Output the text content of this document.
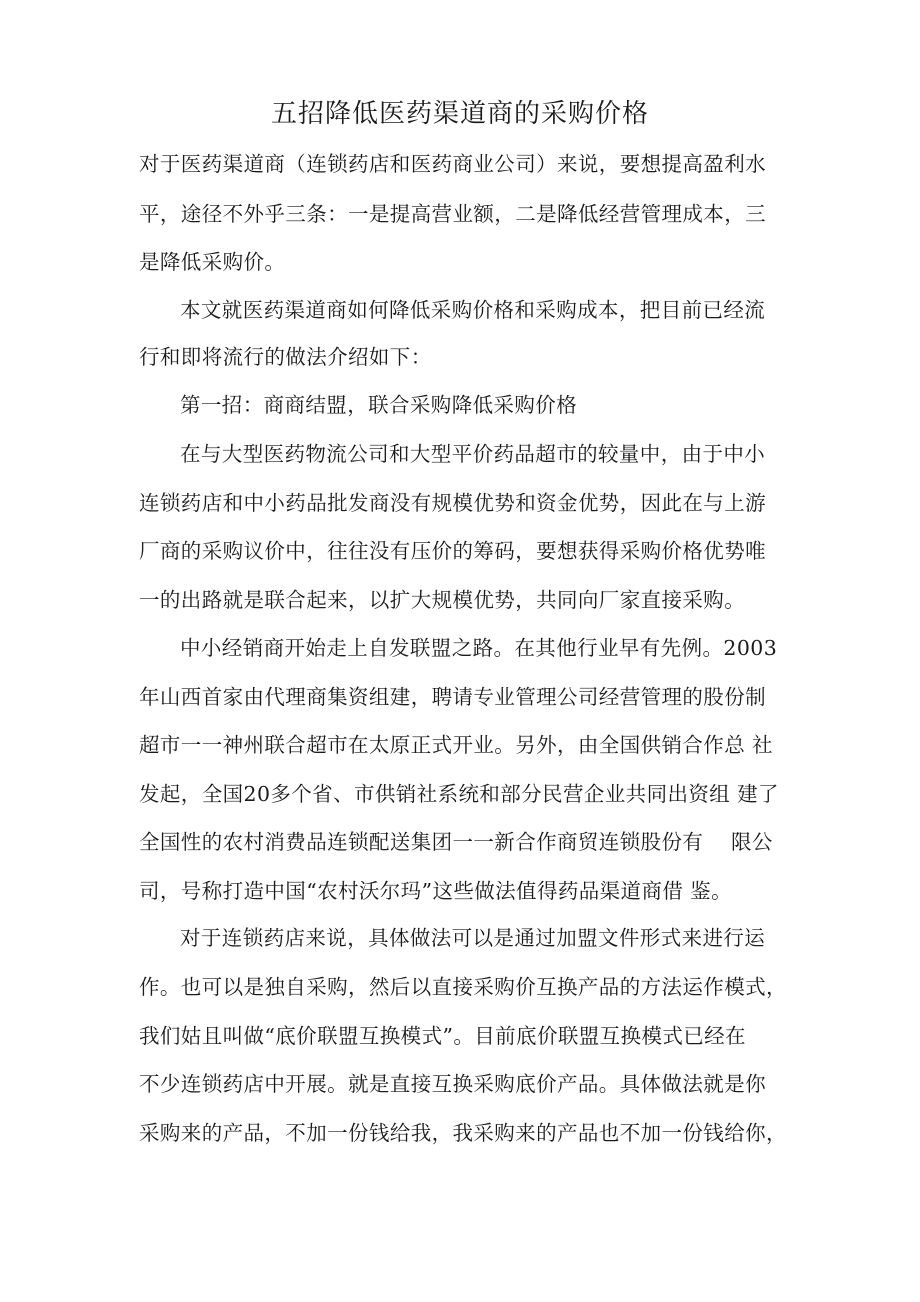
五招降低医药渠道商的采购价格
对于医药渠道商（连锁药店和医药商业公司）来说，要想提高盈利水
平，途径不外乎三条：一是提高营业额，二是降低经营管理成本，三
是降低采购价。
本文就医药渠道商如何降低采购价格和采购成本，把目前已经流
行和即将流行的做法介绍如下：
第一招：商商结盟，联合采购降低采购价格
在与大型医药物流公司和大型平价药品超市的较量中，由于中小
连锁药店和中小药品批发商没有规模优势和资金优势，因此在与上游
厂商的采购议价中，往往没有压价的筹码，要想获得采购价格优势唯
一的出路就是联合起来，以扩大规模优势，共同向厂家直接采购。
中小经销商开始走上自发联盟之路。在其他行业早有先例。2003
年山西首家由代理商集资组建，聘请专业管理公司经营管理的股份制
超市一一神州联合超市在太原正式开业。另外，由全国供销合作总 社
发起，全国20多个省、市供销社系统和部分民营企业共同出资组 建了
全国性的农村消费品连锁配送集团一一新合作商贸连锁股份有    限公
司，号称打造中国“农村沃尔玛”这些做法值得药品渠道商借 鉴。
对于连锁药店来说，具体做法可以是通过加盟文件形式来进行运
作。也可以是独自采购，然后以直接采购价互换产品的方法运作模式，
我们姑且叫做“底价联盟互换模式”。目前底价联盟互换模式已经在
不少连锁药店中开展。就是直接互换采购底价产品。具体做法就是你
采购来的产品，不加一份钱给我，我采购来的产品也不加一份钱给你，
